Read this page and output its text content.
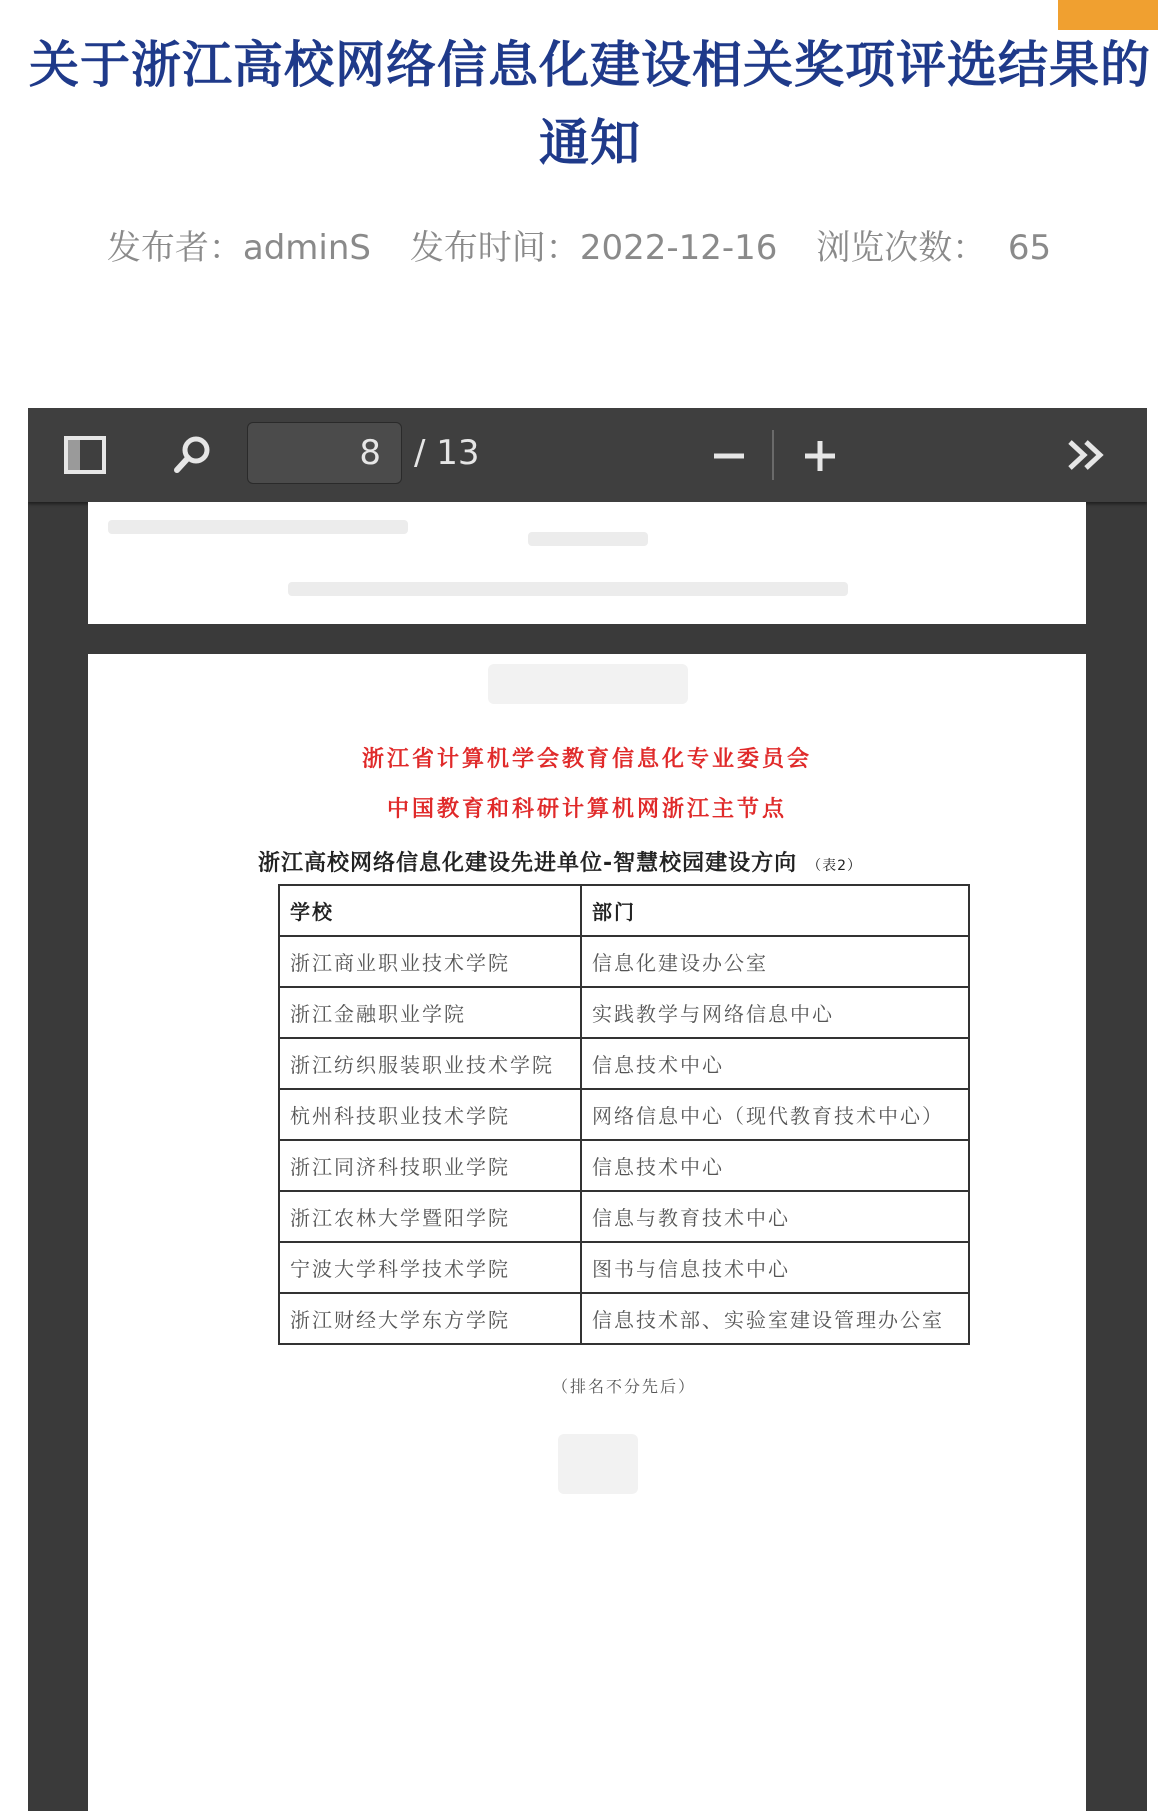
关于浙江高校网络信息化建设相关奖项评选结果的通知
发布者：adminS 发布时间：2022-12-16 浏览次数： 65
8 / 13
浙江省计算机学会教育信息化专业委员会
中国教育和科研计算机网浙江主节点
浙江高校网络信息化建设先进单位-智慧校园建设方向 （表2）
学校	部门
浙江商业职业技术学院	信息化建设办公室
浙江金融职业学院	实践教学与网络信息中心
浙江纺织服装职业技术学院	信息技术中心
杭州科技职业技术学院	网络信息中心（现代教育技术中心）
浙江同济科技职业学院	信息技术中心
浙江农林大学暨阳学院	信息与教育技术中心
宁波大学科学技术学院	图书与信息技术中心
浙江财经大学东方学院	信息技术部、实验室建设管理办公室
（排名不分先后）
